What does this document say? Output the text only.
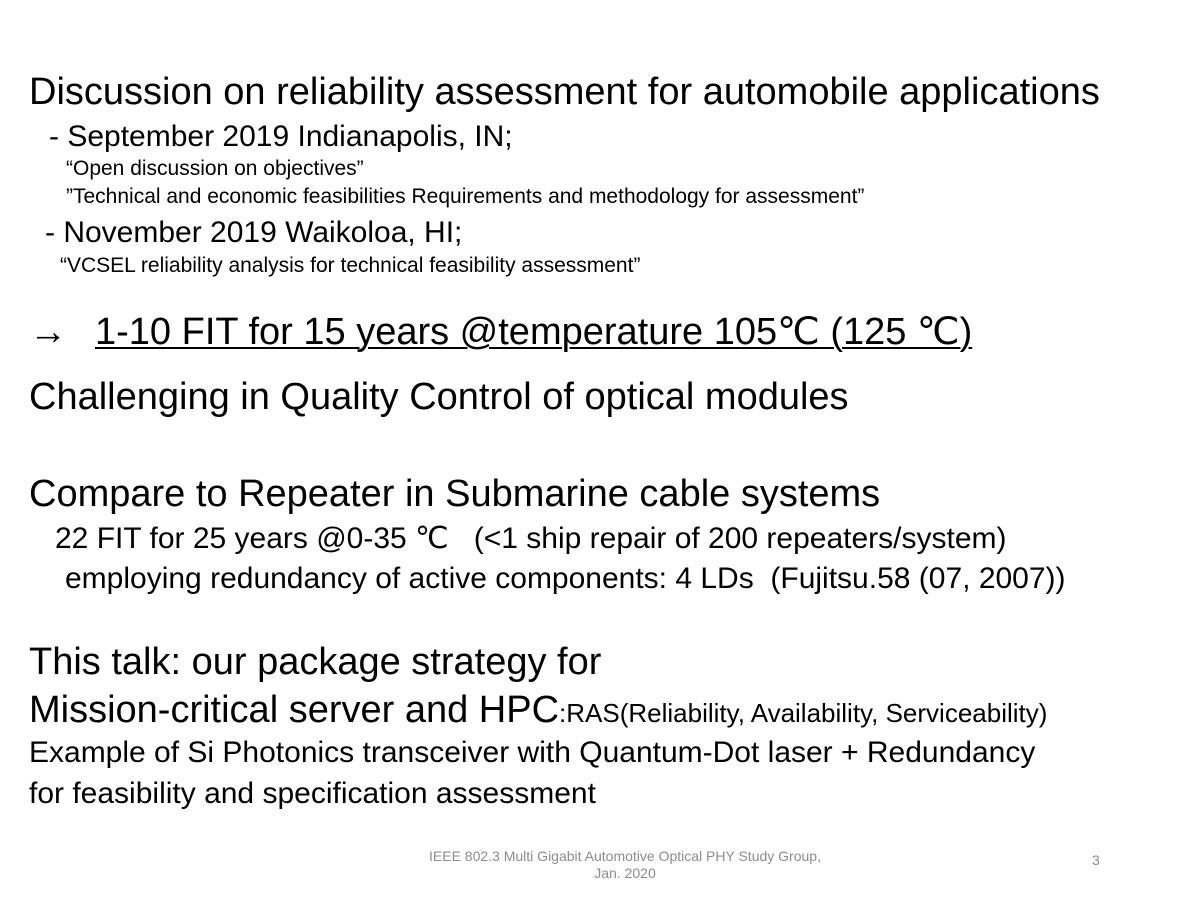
Discussion on reliability assessment for automobile applications

- September 2019 Indianapolis, IN;

“Open discussion on objectives”

”Technical and economic feasibilities Requirements and methodology for assessment”

- November 2019 Waikoloa, HI;

“VCSEL reliability analysis for technical feasibility assessment”

→ 1-10 FIT for 15 years @temperature 105℃ (125 ℃)

Challenging in Quality Control of optical modules

Compare to Repeater in Submarine cable systems

22 FIT for 25 years @0-35 ℃   (<1 ship repair of 200 repeaters/system)

employing redundancy of active components: 4 LDs  (Fujitsu.58 (07, 2007))

This talk: our package strategy for

Mission-critical server and HPC:RAS(Reliability, Availability, Serviceability)

Example of Si Photonics transceiver with Quantum-Dot laser + Redundancy

for feasibility and specification assessment

IEEE 802.3 Multi Gigabit Automotive Optical PHY Study Group,
Jan. 2020
3
